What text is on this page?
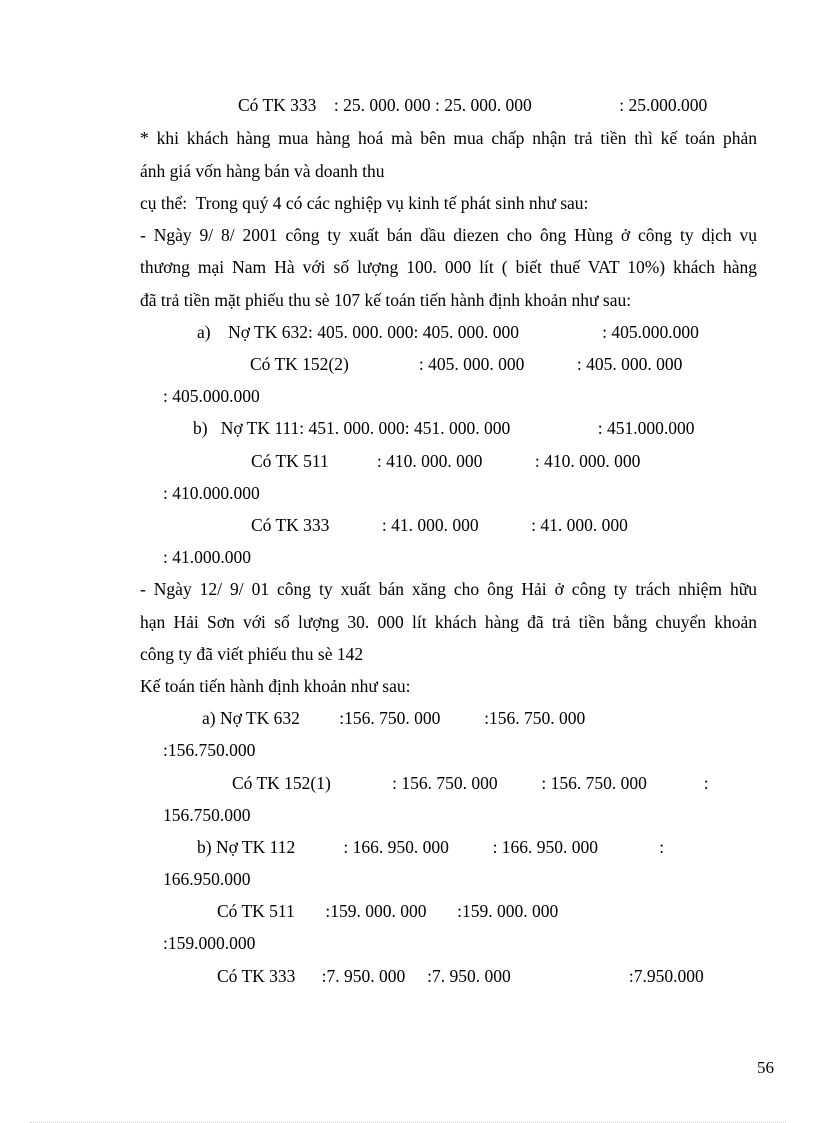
Có TK 333    : 25. 000. 000 : 25. 000. 000                    : 25.000.000
* khi khách hàng mua hàng hoá mà bên mua chấp nhận trả tiền thì kế toán phản
ánh giá vốn hàng bán và doanh thu
cụ thể:  Trong quý 4 có các nghiệp vụ kinh tế phát sinh như sau:
- Ngày 9/ 8/ 2001 công ty xuất bán dầu diezen cho ông Hùng ở công ty dịch vụ
thương mại Nam Hà với số lượng 100. 000 lít ( biết thuế VAT 10%) khách hàng
đã trả tiền mặt phiếu thu sè 107 kế toán tiến hành định khoản như sau:
a)    Nợ TK 632: 405. 000. 000: 405. 000. 000                   : 405.000.000
Có TK 152(2)                : 405. 000. 000            : 405. 000. 000
: 405.000.000
b)   Nợ TK 111: 451. 000. 000: 451. 000. 000                    : 451.000.000
Có TK 511           : 410. 000. 000            : 410. 000. 000
: 410.000.000
Có TK 333            : 41. 000. 000            : 41. 000. 000
: 41.000.000
- Ngày 12/ 9/ 01 công ty xuất bán xăng cho ông Hải ở công ty trách nhiệm hữu
hạn Hải Sơn với số lượng 30. 000 lít khách hàng đã trả tiền bằng chuyển khoản
công ty đã viết phiếu thu sè 142
Kế toán tiến hành định khoản như sau:
a) Nợ TK 632         :156. 750. 000          :156. 750. 000
:156.750.000
Có TK 152(1)              : 156. 750. 000          : 156. 750. 000             :
156.750.000
b) Nợ TK 112           : 166. 950. 000          : 166. 950. 000              :
166.950.000
Có TK 511       :159. 000. 000       :159. 000. 000
:159.000.000
Có TK 333      :7. 950. 000     :7. 950. 000                           :7.950.000
56
